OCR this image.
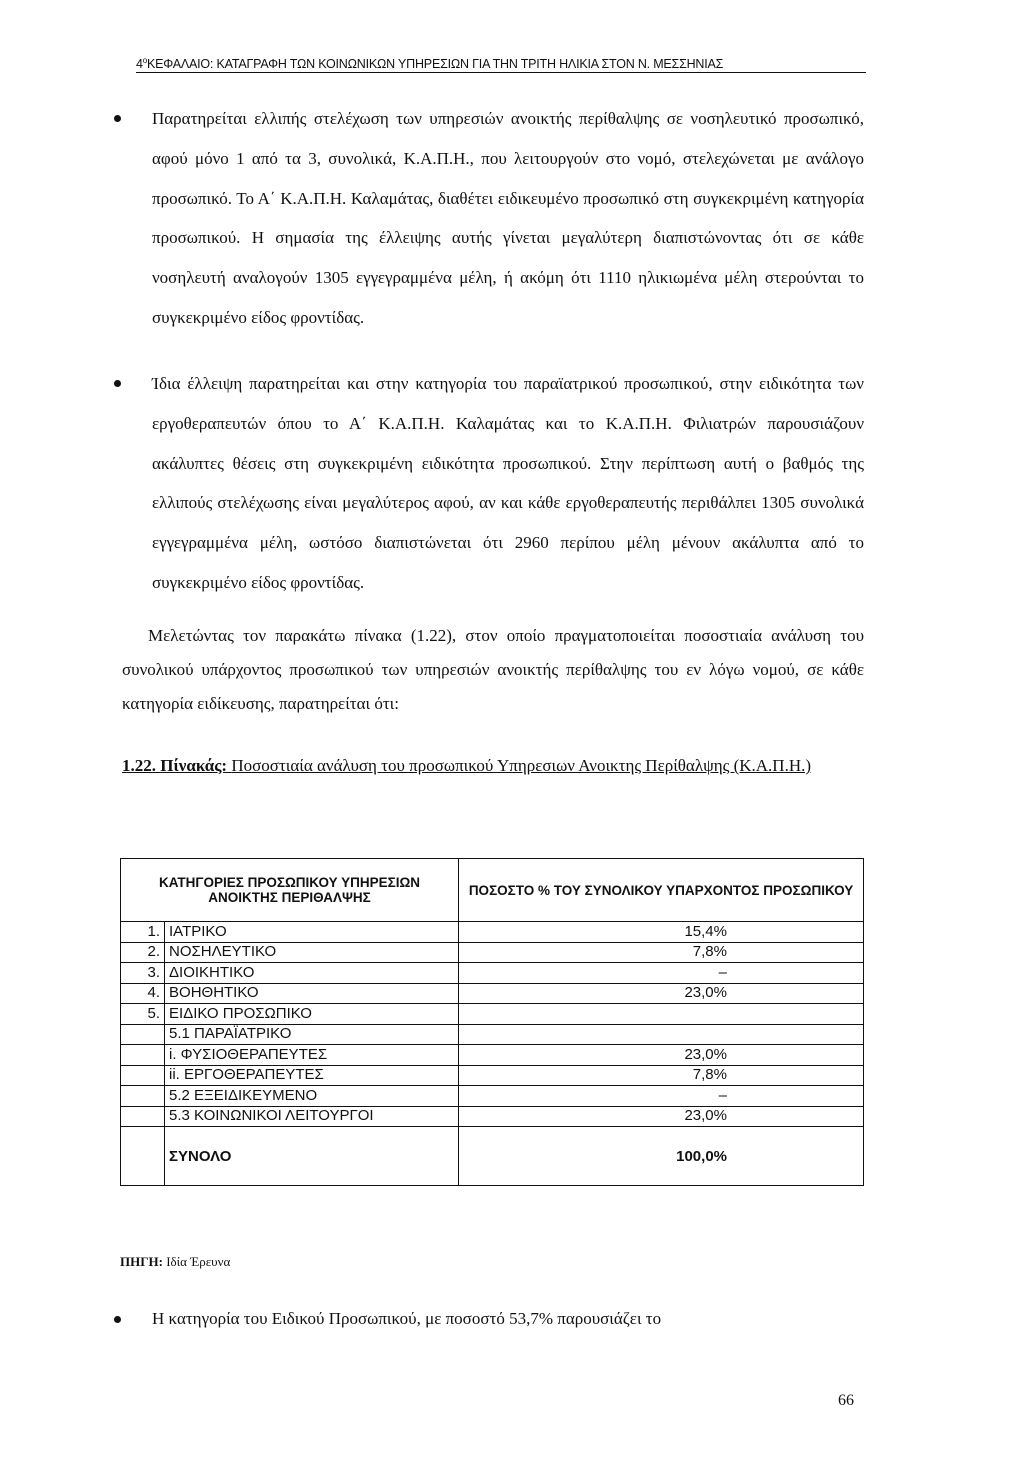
$4^oKE\Phi A\Lambda AIO$: ΚΑΤΑΓΡΑΦΗ ΤΩΝ ΚΟΙΝΩΝΙΚΩΝ ΥΠΗΡΕΣΙΩΝ ΓΙΑ ΤΗΝ ΤΡΙΤΗ ΗΛΙΚΙΑ ΣΤΟΝ Ν. ΜΕΣΣΗΝΙΑΣ
Παρατηρείται ελλιπής στελέχωση των υπηρεσιών ανοικτής περίθαλψης σε νοσηλευτικό προσωπικό, αφού μόνο 1 από τα 3, συνολικά, Κ.Α.Π.Η., που λειτουργούν στο νομό, στελεχώνεται με ανάλογο προσωπικό. Το Α΄ Κ.Α.Π.Η. Καλαμάτας, διαθέτει ειδικευμένο προσωπικό στη συγκεκριμένη κατηγορία προσωπικού. Η σημασία της έλλειψης αυτής γίνεται μεγαλύτερη διαπιστώνοντας ότι σε κάθε νοσηλευτή αναλογούν 1305 εγγεγραμμένα μέλη, ή ακόμη ότι 1110 ηλικιωμένα μέλη στερούνται το συγκεκριμένο είδος φροντίδας.
Ίδια έλλειψη παρατηρείται και στην κατηγορία του παραϊατρικού προσωπικού, στην ειδικότητα των εργοθεραπευτών όπου το Α΄ Κ.Α.Π.Η. Καλαμάτας και το Κ.Α.Π.Η. Φιλιατρών παρουσιάζουν ακάλυπτες θέσεις στη συγκεκριμένη ειδικότητα προσωπικού. Στην περίπτωση αυτή ο βαθμός της ελλιπούς στελέχωσης είναι μεγαλύτερος αφού, αν και κάθε εργοθεραπευτής περιθάλπει 1305 συνολικά εγγεγραμμένα μέλη, ωστόσο διαπιστώνεται ότι 2960 περίπου μέλη μένουν ακάλυπτα από το συγκεκριμένο είδος φροντίδας.
Μελετώντας τον παρακάτω πίνακα (1.22), στον οποίο πραγματοποιείται ποσοστιαία ανάλυση του συνολικού υπάρχοντος προσωπικού των υπηρεσιών ανοικτής περίθαλψης του εν λόγω νομού, σε κάθε κατηγορία ειδίκευσης, παρατηρείται ότι:
1.22. Πίνακάς: Ποσοστιαία ανάλυση του προσωπικού Υπηρεσιων Ανοικτης Περίθαλψης (Κ.Α.Π.Η.)
ΚΑΤΗΓΟΡΙΕΣ ΠΡΟΣΩΠΙΚΟΥ ΥΠΗΡΕΣΙΩΝ ΑΝΟΙΚΤΗΣ ΠΕΡΙΘΑΛΨΗΣ		ΠΟΣΟΣΤΟ % ΤΟΥ ΣΥΝΟΛΙΚΟΥ ΥΠΑΡΧΟΝΤΟΣ ΠΡΟΣΩΠΙΚΟΥ
1.	ΙΑΤΡΙΚΟ	15,4%
2.	ΝΟΣΗΛΕΥΤΙΚΟ	7,8%
3.	ΔΙΟΙΚΗΤΙΚΟ	–
4.	ΒΟΗΘΗΤΙΚΟ	23,0%
5.	ΕΙΔΙΚΟ ΠΡΟΣΩΠΙΚΟ	
	5.1 ΠΑΡΑΪΑΤΡΙΚΟ	
	i. ΦΥΣΙΟΘΕΡΑΠΕΥΤΕΣ	23,0%
	ii. ΕΡΓΟΘΕΡΑΠΕΥΤΕΣ	7,8%
	5.2 ΕΞΕΙΔΙΚΕΥΜΕΝΟ	–
	5.3 ΚΟΙΝΩΝΙΚΟΙ ΛΕΙΤΟΥΡΓΟΙ	23,0%
	ΣΥΝΟΛΟ	100,0%
ΠΗΓΗ: Ιδία Έρευνα
Η κατηγορία του Ειδικού Προσωπικού, με ποσοστό 53,7% παρουσιάζει το
66
